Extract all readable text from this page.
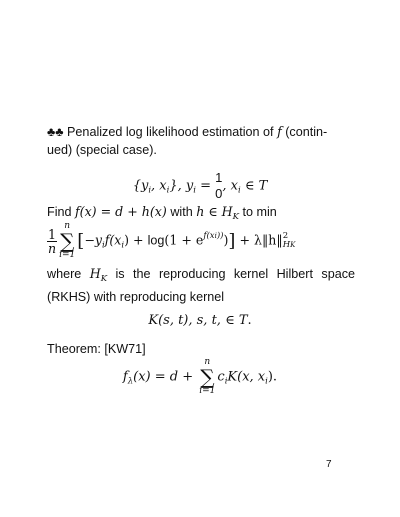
♣♣ Penalized log likelihood estimation of f (contin-
ued) (special case).
{$y_i$, $x_i$}, $y_i$ =
1
0 , $x_i$ ∈ T
Find f(x) = d + h(x) with h ∈ $H_K$ to min
$\frac{1}{n}$
n
∑
i=1
$[-y_if(x_i) + \log(1 + e^{f(xi))})]$ + λ‖h‖ 2
HK
where $H_K$ is the reproducing kernel Hilbert space (RKHS) with reproducing kernel
K(s, t), s, t, ∈ T.
Theorem: [KW71]
$f_\lambda(x) = d$ +
n
∑
i=1
$c_iK(x$, $x_i$).
7
